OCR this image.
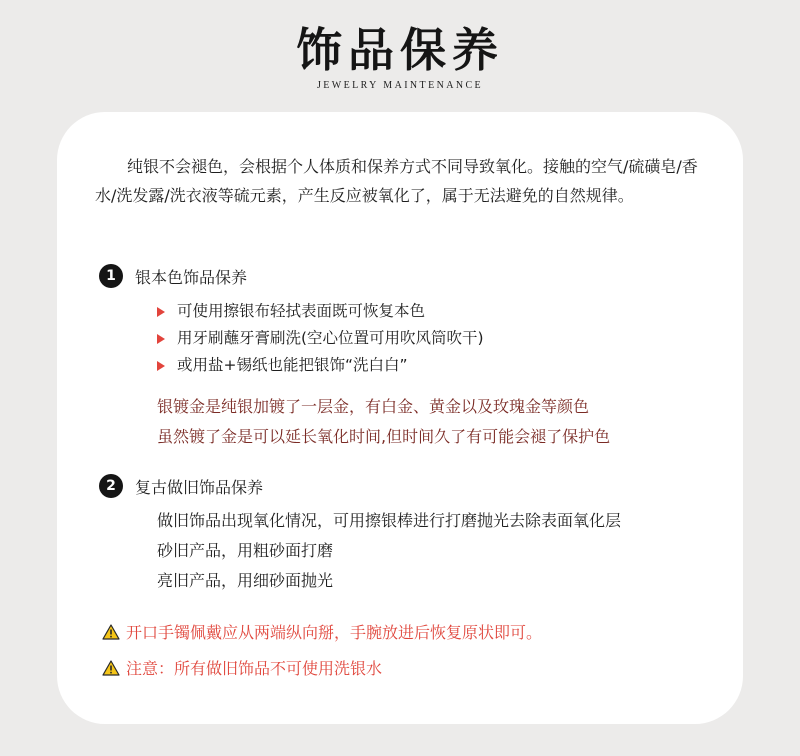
饰品保养
JEWELRY MAINTENANCE
纯银不会褪色，会根据个人体质和保养方式不同导致氧化。接触的空气/硫磺皂/香水/洗发露/洗衣液等硫元素，产生反应被氧化了，属于无法避免的自然规律。
1	银本色饰品保养
可使用擦银布轻拭表面既可恢复本色
用牙刷蘸牙膏刷洗(空心位置可用吹风筒吹干)
或用盐+锡纸也能把银饰“洗白白”
银镀金是纯银加镀了一层金，有白金、黄金以及玫瑰金等颜色
虽然镀了金是可以延长氧化时间,但时间久了有可能会褪了保护色
2	复古做旧饰品保养
做旧饰品出现氧化情况，可用擦银棒进行打磨抛光去除表面氧化层
砂旧产品，用粗砂面打磨
亮旧产品，用细砂面抛光
开口手镯佩戴应从两端纵向掰，手腕放进后恢复原状即可。
注意：所有做旧饰品不可使用洗银水
